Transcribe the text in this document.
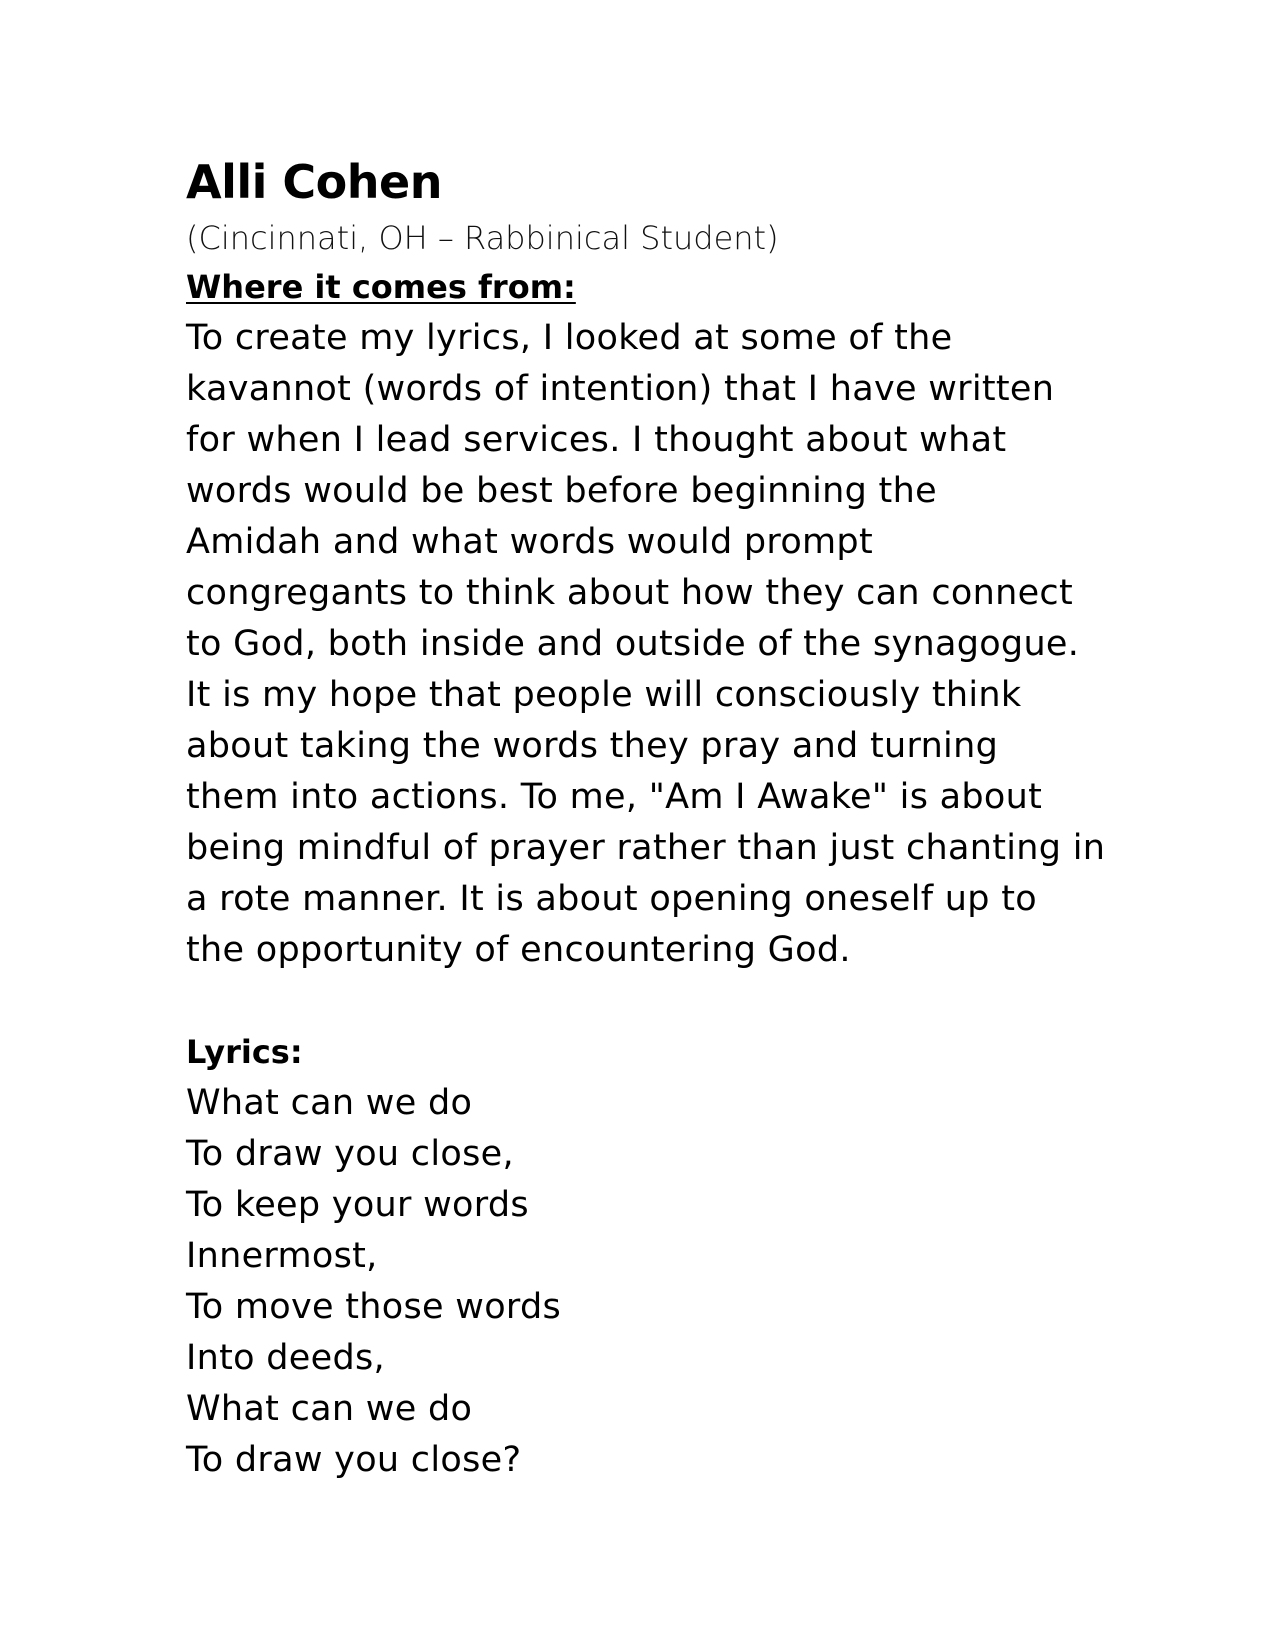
Alli Cohen

(Cincinnati, OH – Rabbinical Student)

Where it comes from:

To create my lyrics, I looked at some of the

kavannot (words of intention) that I have written

for when I lead services. I thought about what

words would be best before beginning the

Amidah and what words would prompt

congregants to think about how they can connect

to God, both inside and outside of the synagogue.

It is my hope that people will consciously think

about taking the words they pray and turning

them into actions. To me, "Am I Awake" is about

being mindful of prayer rather than just chanting in

a rote manner. It is about opening oneself up to

the opportunity of encountering God.

Lyrics:

What can we do

To draw you close,

To keep your words

Innermost,

To move those words

Into deeds,

What can we do

To draw you close?
